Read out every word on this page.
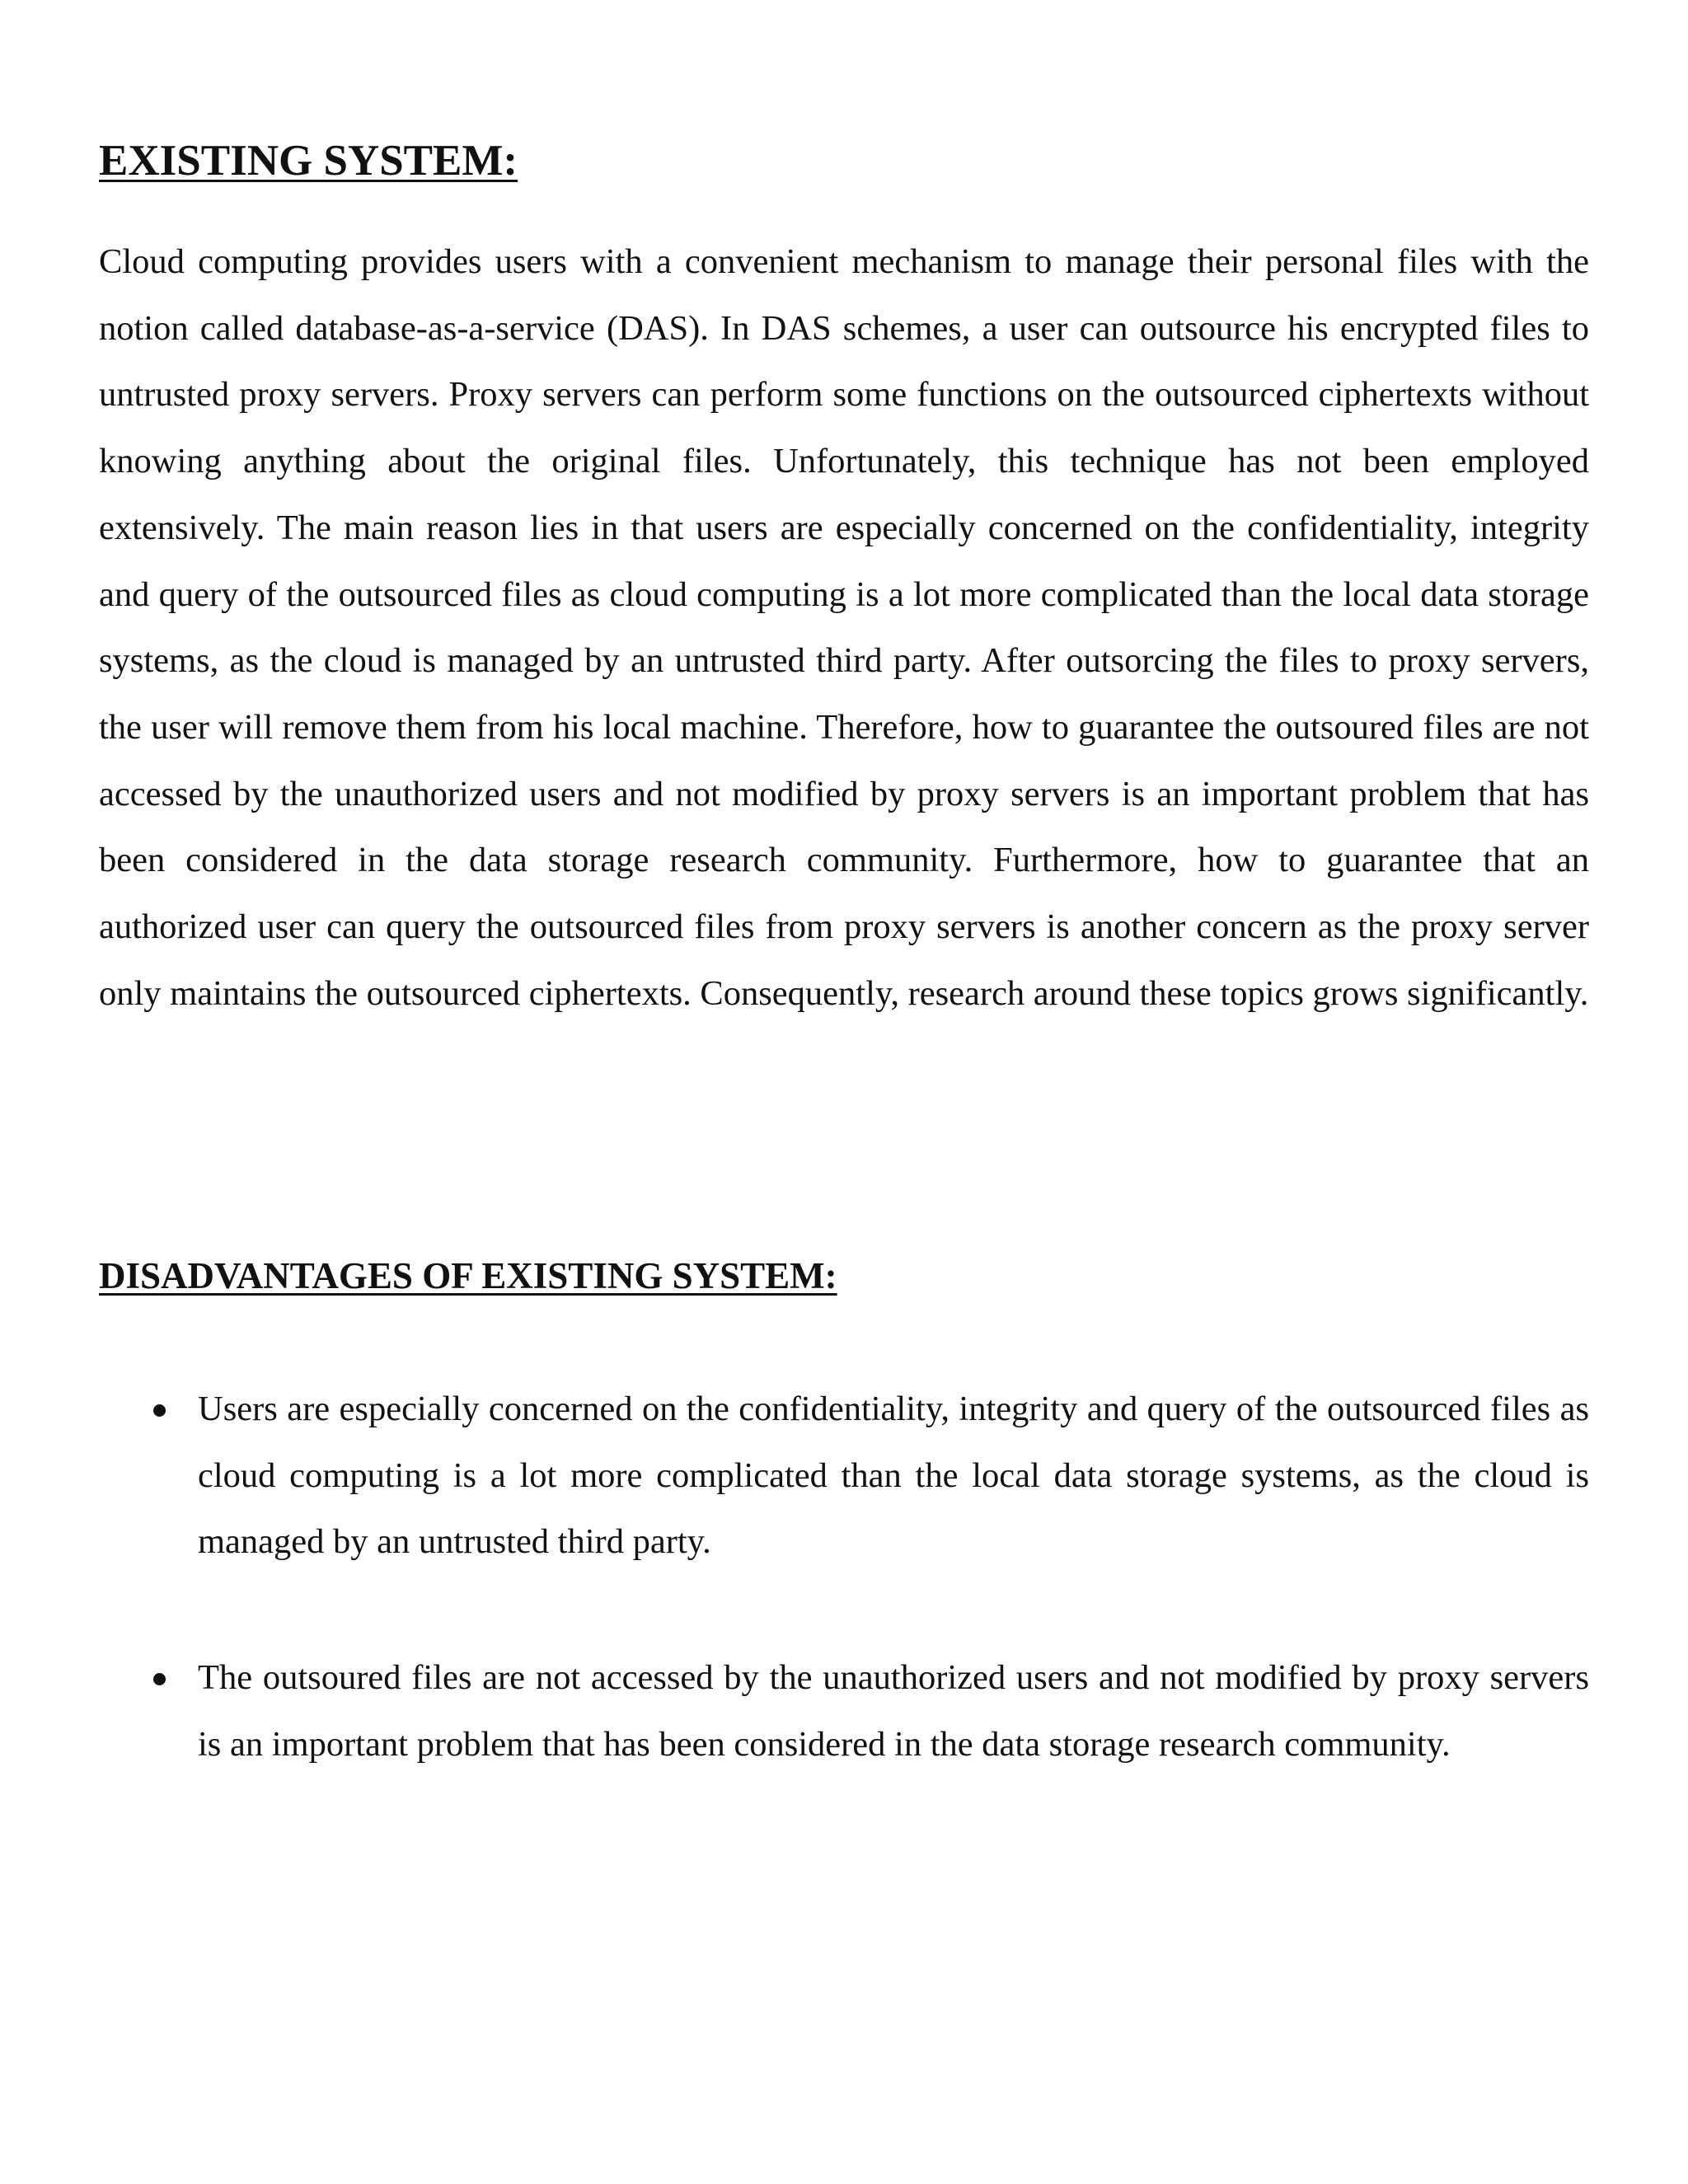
EXISTING SYSTEM:

Cloud computing provides users with a convenient mechanism to manage their personal files with the notion called database-as-a-service (DAS). In DAS schemes, a user can outsource his encrypted files to untrusted proxy servers. Proxy servers can perform some functions on the outsourced ciphertexts without knowing anything about the original files. Unfortunately, this technique has not been employed extensively. The main reason lies in that users are especially concerned on the confidentiality, integrity and query of the outsourced files as cloud computing is a lot more complicated than the local data storage systems, as the cloud is managed by an untrusted third party. After outsorcing the files to proxy servers, the user will remove them from his local machine. Therefore, how to guarantee the outsoured files are not accessed by the unauthorized users and not modified by proxy servers is an important problem that has been considered in the data storage research community. Furthermore, how to guarantee that an authorized user can query the outsourced files from proxy servers is another concern as the proxy server only maintains the outsourced ciphertexts. Consequently, research around these topics grows significantly.

DISADVANTAGES OF EXISTING SYSTEM:
Users are especially concerned on the confidentiality, integrity and query of the outsourced files as cloud computing is a lot more complicated than the local data storage systems, as the cloud is managed by an untrusted third party.
The outsoured files are not accessed by the unauthorized users and not modified by proxy servers is an important problem that has been considered in the data storage research community.
